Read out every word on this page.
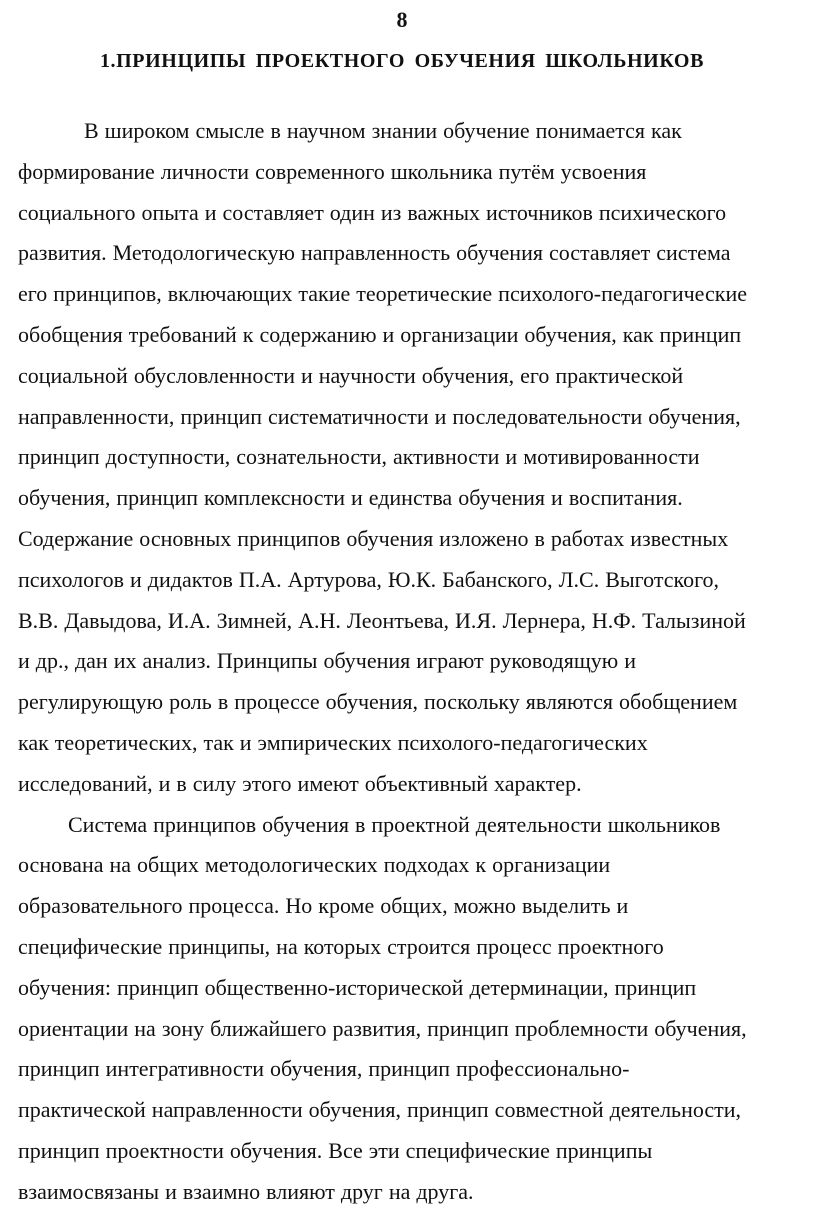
8
1.ПРИНЦИПЫ ПРОЕКТНОГО ОБУЧЕНИЯ ШКОЛЬНИКОВ
В широком смысле в научном знании обучение понимается как
формирование личности современного школьника путём усвоения
социального опыта и составляет один из важных источников психического
развития. Методологическую направленность обучения составляет система
его принципов, включающих такие теоретические психолого-педагогические
обобщения требований к содержанию и организации обучения, как принцип
социальной обусловленности и научности обучения, его практической
направленности, принцип систематичности и последовательности обучения,
принцип доступности, сознательности, активности и мотивированности
обучения, принцип комплексности и единства обучения и воспитания.
Содержание основных принципов обучения изложено в работах известных
психологов и дидактов П.А. Артурова, Ю.К. Бабанского, Л.С. Выготского,
В.В. Давыдова, И.А. Зимней, А.Н. Леонтьева, И.Я. Лернера, Н.Ф. Талызиной
и др., дан их анализ. Принципы обучения играют руководящую и
регулирующую роль в процессе обучения, поскольку являются обобщением
как теоретических, так и эмпирических психолого-педагогических
исследований, и в силу этого имеют объективный характер.
Система принципов обучения в проектной деятельности школьников
основана на общих методологических подходах к организации
образовательного процесса. Но кроме общих, можно выделить и
специфические принципы, на которых строится процесс проектного
обучения: принцип общественно-исторической детерминации, принцип
ориентации на зону ближайшего развития, принцип проблемности обучения,
принцип интегративности обучения, принцип профессионально-
практической направленности обучения, принцип совместной деятельности,
принцип проектности обучения. Все эти специфические принципы
взаимосвязаны и взаимно влияют друг на друга.
